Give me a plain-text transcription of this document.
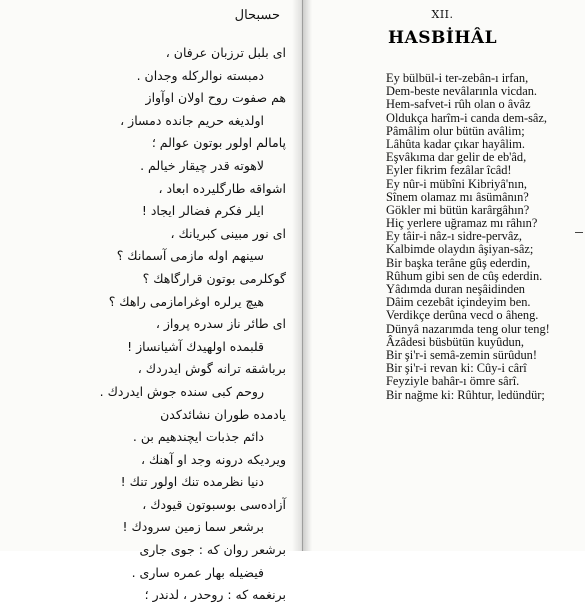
حسبحال
ای بلبل ترزبان عرفان ،
دمبسته نوالرکله وجدان .
هم صفوت روح اولان اوآواز
اولدیغه حریم جانده دمساز ،
پامالم اولور بوتون عوالم ؛
لاهوته قدر چیقار خیالم .
اشواقه طارگلیرده ابعاد ،
ایلر فکرم فضالر ایجاد !
ای نور مبینی کبریانك ،
سینهم اوله مازمی آسمانك ؟
گوکلرمی بوتون قرارگاهك ؟
هیچ یرلره اوغرامازمی راهك ؟
ای طائر ناز سدره پرواز ،
قلبمده اولهیدك آشیانساز !
برباشقه ترانه گوش ایدردك ،
روحم کبی سنده جوش ایدردك .
یادمده طوران نشائدكدن
دائم جذبات ایچندهیم بن .
ویردیکه درونه وجد او آهنك ،
دنیا نظرمده تنك اولور تنك !
آزاده‌سی بوسبوتون قیودك ،
برشعر سما زمین سرودك !
برشعر روان که : جوی جاری
فیضیله بهار عمره ساری .
برنغمه که : روحدر ، لدندر ؛
XII.
HASBİHÂL
Ey bülbül-i ter-zebân-ı irfan,
Dem-beste nevâlarınla vicdan.
Hem-safvet-i rûh olan o âvâz
Oldukça harîm-i canda dem-sâz,
Pâmâlim olur bütün avâlim;
Lâhûta kadar çıkar hayâlim.
Eşvâkıma dar gelir de eb'âd,
Eyler fikrim fezâlar îcâd!
Ey nûr-i mübîni Kibriyâ'nın,
Sînem olamaz mı âsümânın?
Gökler mi bütün karârgâhın?
Hiç yerlere uğramaz mı râhın?
Ey tâir-i nâz-ı sidre-pervâz,
Kalbimde olaydın âşiyan-sâz;
Bir başka terâne gûş ederdin,
Rûhum gibi sen de cûş ederdin.
Yâdımda duran neşâidinden
Dâim cezebât içindeyim ben.
Verdikçe derûna vecd o âheng.
Dünyâ nazarımda teng olur teng!
Âzâdesi büsbütün kuyûdun,
Bir şi'r-i semâ-zemin sürûdun!
Bir şi'r-i revan ki: Cûy-i cârî
Feyziyle bahâr-ı ömre sârî.
Bir nağme ki: Rûhtur, ledündür;
